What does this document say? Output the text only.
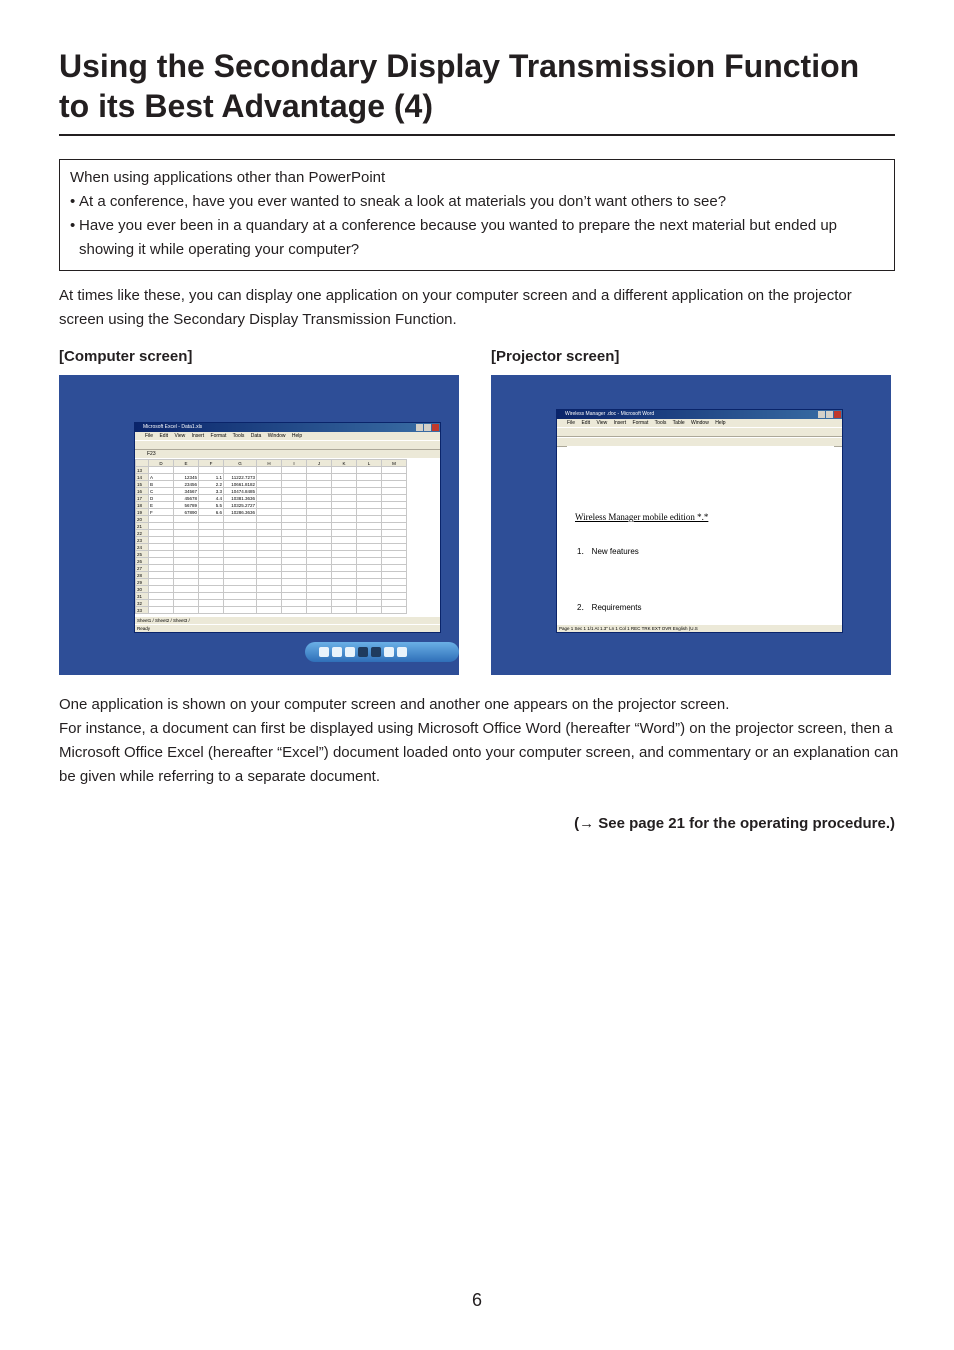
Using the Secondary Display Transmission Function
to its Best Advantage (4)
When using applications other than PowerPoint
• At a conference, have you ever wanted to sneak a look at materials you don’t want others to see?
• Have you ever been in a quandary at a conference because you wanted to prepare the next material but ended up showing it while operating your computer?

At times like these, you can display one application on your computer screen and a different application on the projector screen using the Secondary Display Transmission Function.

[Computer screen]	[Projector screen]
Microsoft Excel - Data1.xls
File Edit View Insert Format Tools Data Window Help
F23
	D	E	F	G	H	I	J	K	L	M
13										
14	A	12345	1.1	11222.7273						
15	B	23456	2.2	10661.8182						
16	C	34567	3.3	10474.8485						
17	D	45678	4.4	10381.3636						
18	E	56789	5.5	10325.2727						
19	F	67890	6.6	10286.3636						
20										
21										
22										
23										
24										
25										
26										
27										
28										
29										
30										
31										
32										
33										
Sheet1 / Sheet2 / Sheet3 /
Ready
Wireless Manager .doc - Microsoft Word
File Edit View Insert Format Tools Table Window Help
Wireless Manager mobile edition *.*
1． New features
2． Requirements
Page 1 Sec 1 1/1 At 1.3" Ln 1 Col 1 REC TRK EXT OVR English (U.S

One application is shown on your computer screen and another one appears on the projector screen.

For instance, a document can first be displayed using Microsoft Office Word (hereafter “Word”) on the projector screen, then a Microsoft Office Excel (hereafter “Excel”) document loaded onto your computer screen, and commentary or an explanation can be given while referring to a separate document.

(→ See page 21 for the operating procedure.)
6
